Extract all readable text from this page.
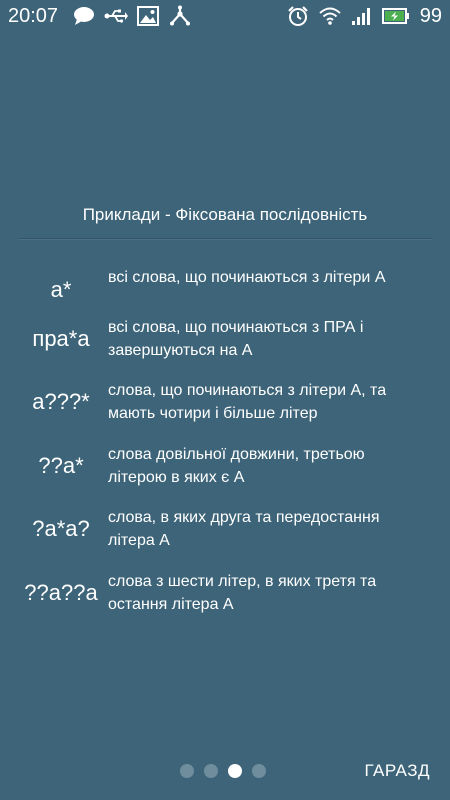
20:07	99
Приклади - Фіксована послідовність
а*	всі слова, що починаються з літери А
пра*а	всі слова, що починаються з ПРА і
завершуються на А
а???*	слова, що починаються з літери А, та
мають чотири і більше літер
??а*	слова довільної довжини, третьою
літерою в яких є А
?а*а?	слова, в яких друга та передостання
літера А
??а??а слова з шести літер, в яких третя та
остання літера А
ГАРАЗД
